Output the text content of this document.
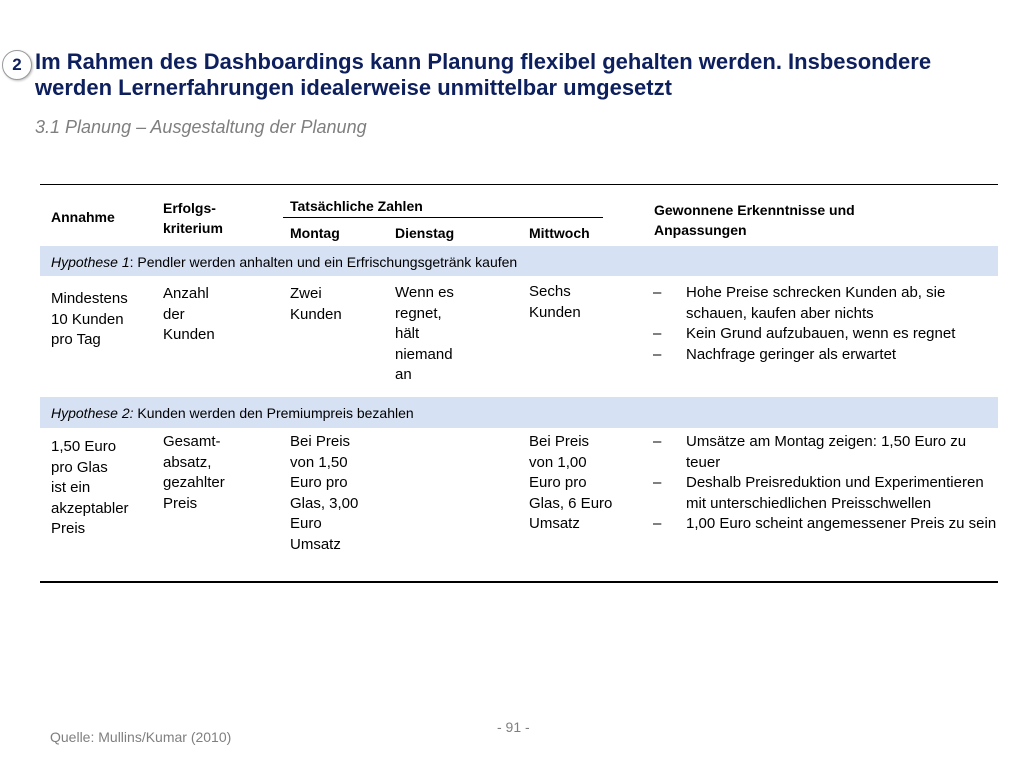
2 Im Rahmen des Dashboardings kann Planung flexibel gehalten werden. Insbesondere
werden Lernerfahrungen idealerweise unmittelbar umgesetzt

3.1 Planung – Ausgestaltung der Planung

Annahme
Erfolgs-
kriterium
Tatsächliche Zahlen
Montag	Dienstag	Mittwoch
Gewonnene Erkenntnisse und
Anpassungen
Hypothese 1: Pendler werden anhalten und ein Erfrischungsgetränk kaufen
Mindestens
10 Kunden
pro Tag
Anzahl
der
Kunden
Zwei
Kunden
Wenn es
regnet,
hält
niemand
an
Sechs
Kunden
– Hohe Preise schrecken Kunden ab, sie schauen, kaufen aber nichts
– Kein Grund aufzubauen, wenn es regnet
– Nachfrage geringer als erwartet
Hypothese 2: Kunden werden den Premiumpreis bezahlen
1,50 Euro
pro Glas
ist ein
akzeptabler
Preis
Gesamt-
absatz,
gezahlter
Preis
Bei Preis
von 1,50
Euro pro
Glas, 3,00
Euro
Umsatz
Bei Preis
von 1,00
Euro pro
Glas, 6 Euro
Umsatz
– Umsätze am Montag zeigen: 1,50 Euro zu teuer
– Deshalb Preisreduktion und Experimentieren mit unterschiedlichen Preisschwellen
– 1,00 Euro scheint angemessener Preis zu sein
Quelle: Mullins/Kumar (2010)
- 91 -
